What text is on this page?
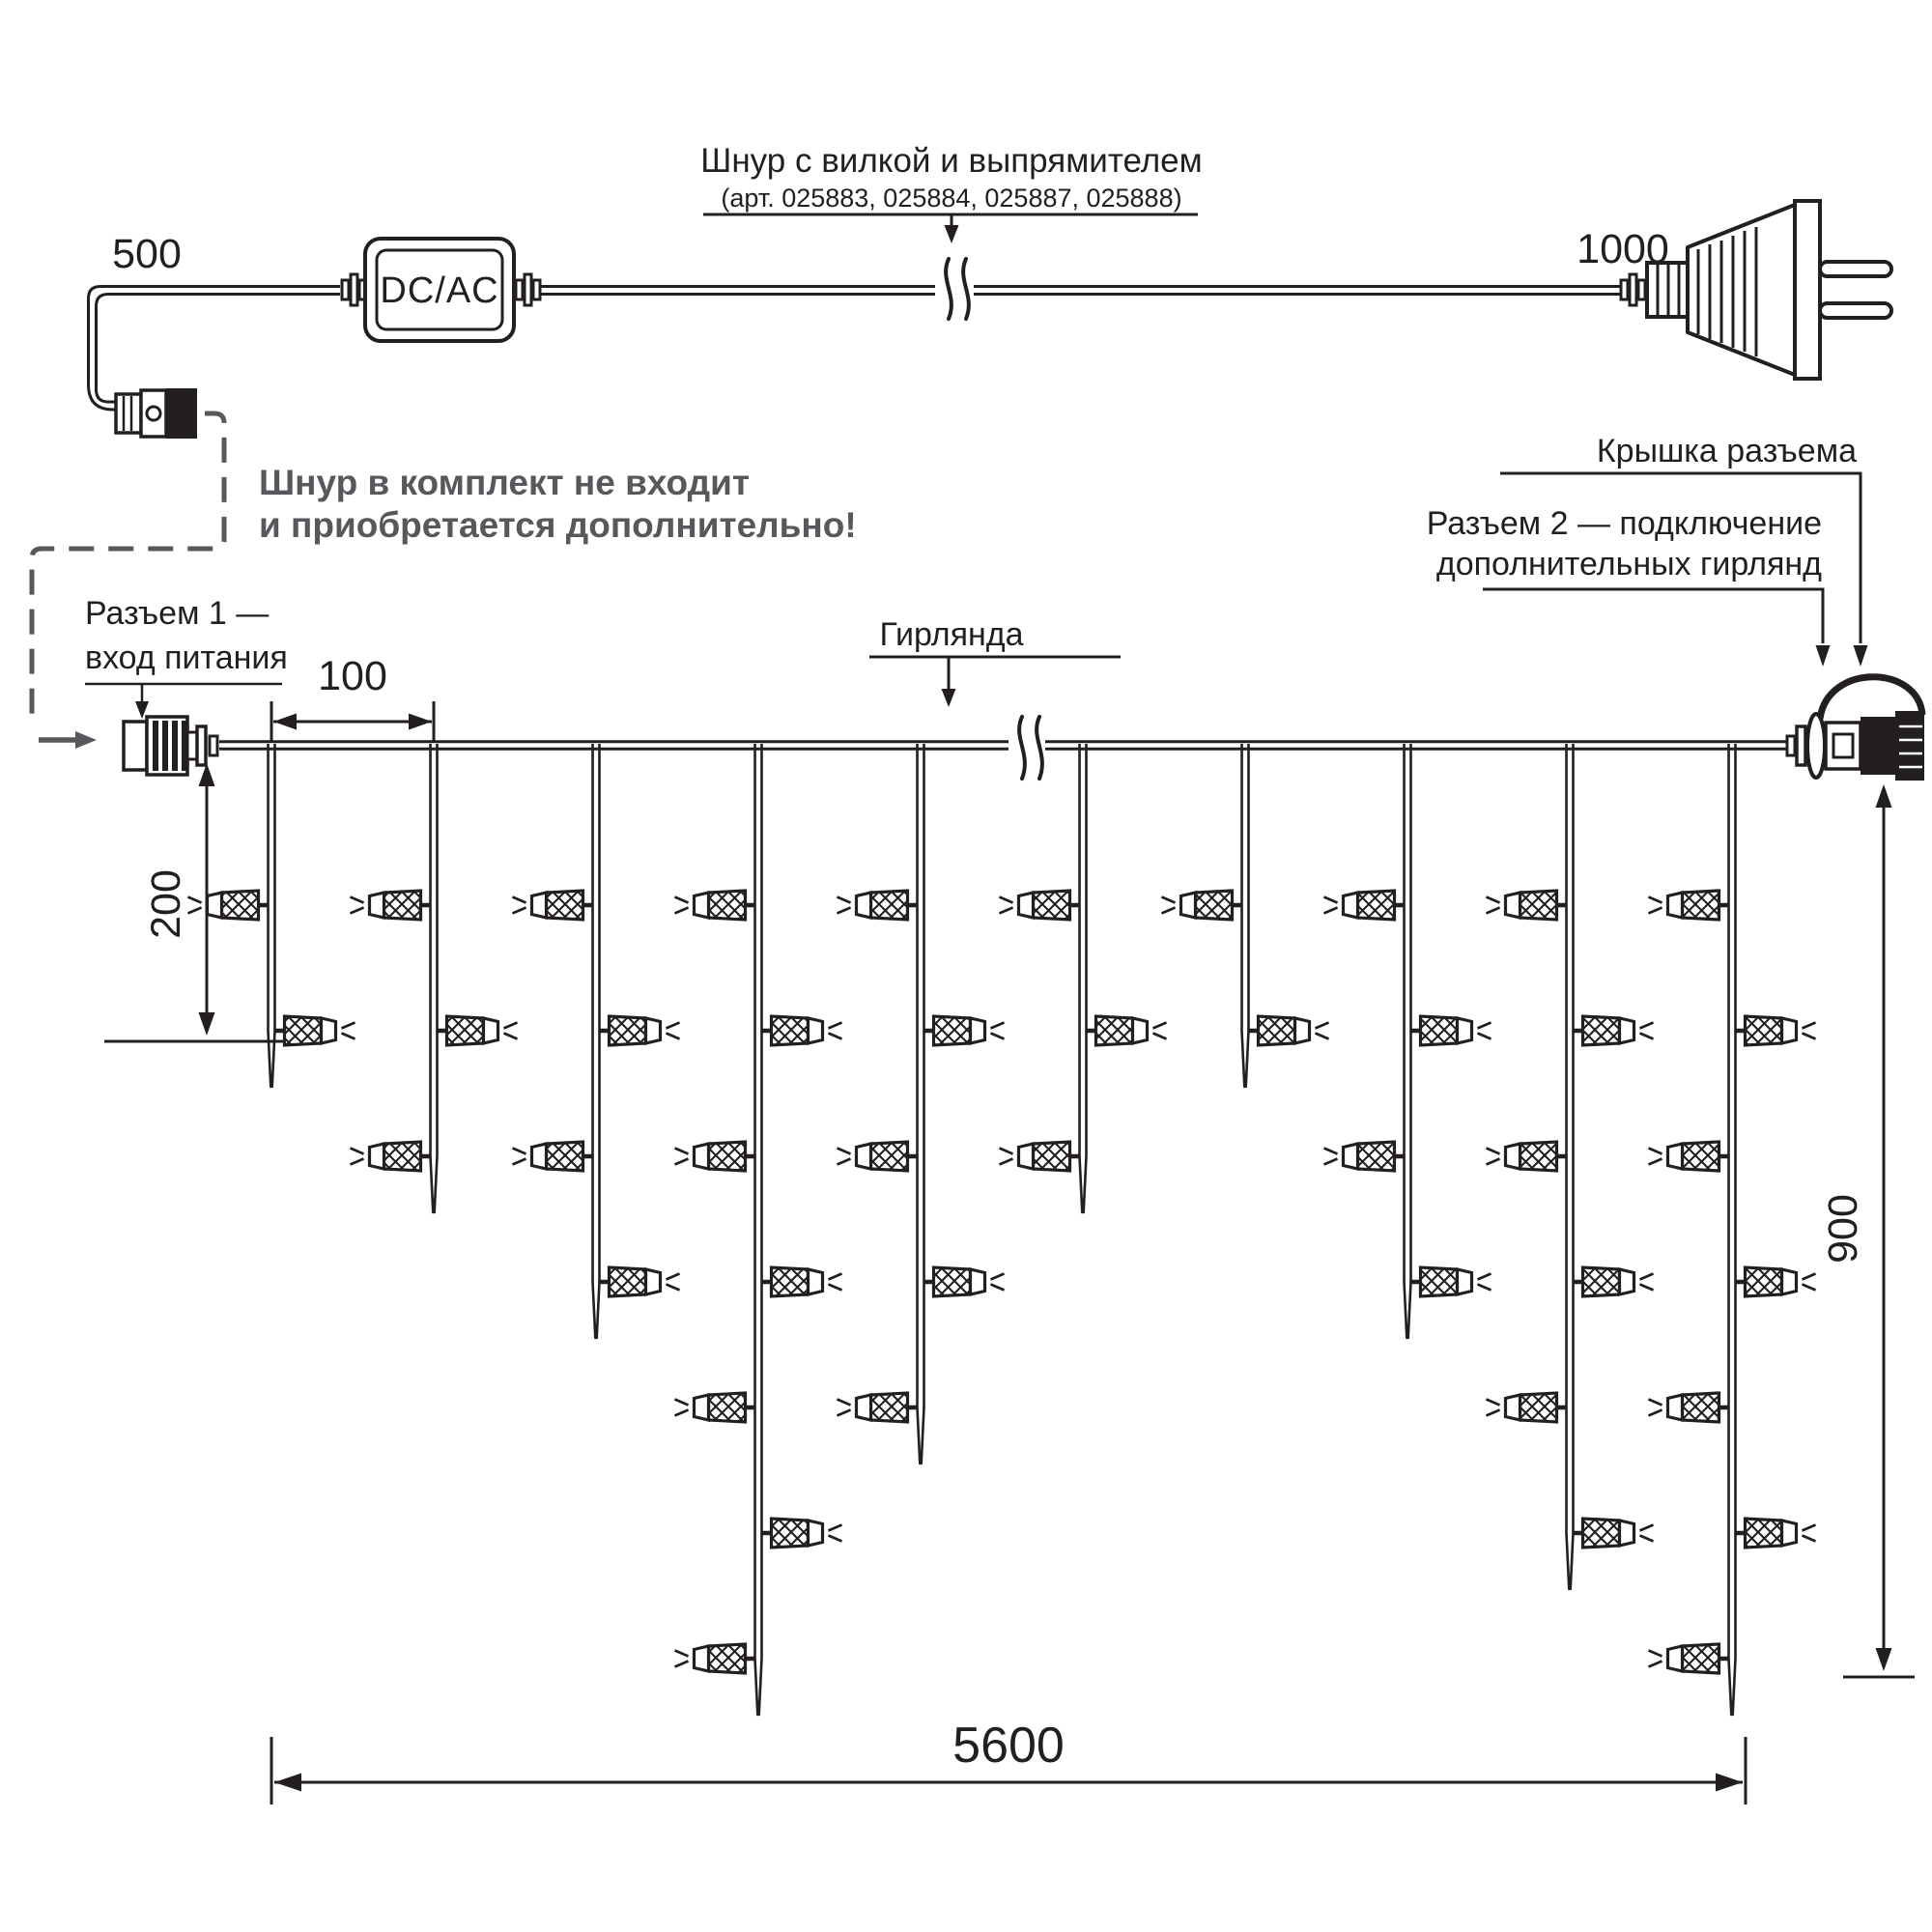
DC/AC
Шнур с вилкой и выпрямителем
(арт. 025883, 025884, 025887, 025888)
500	1000
Шнур в комплект не входит
и приобретается дополнительно!
Разъем 1 —
вход питания
Гирлянда
Крышка разъема
Разъем 2 — подключение
дополнительных гирлянд
100
200
900
5600
